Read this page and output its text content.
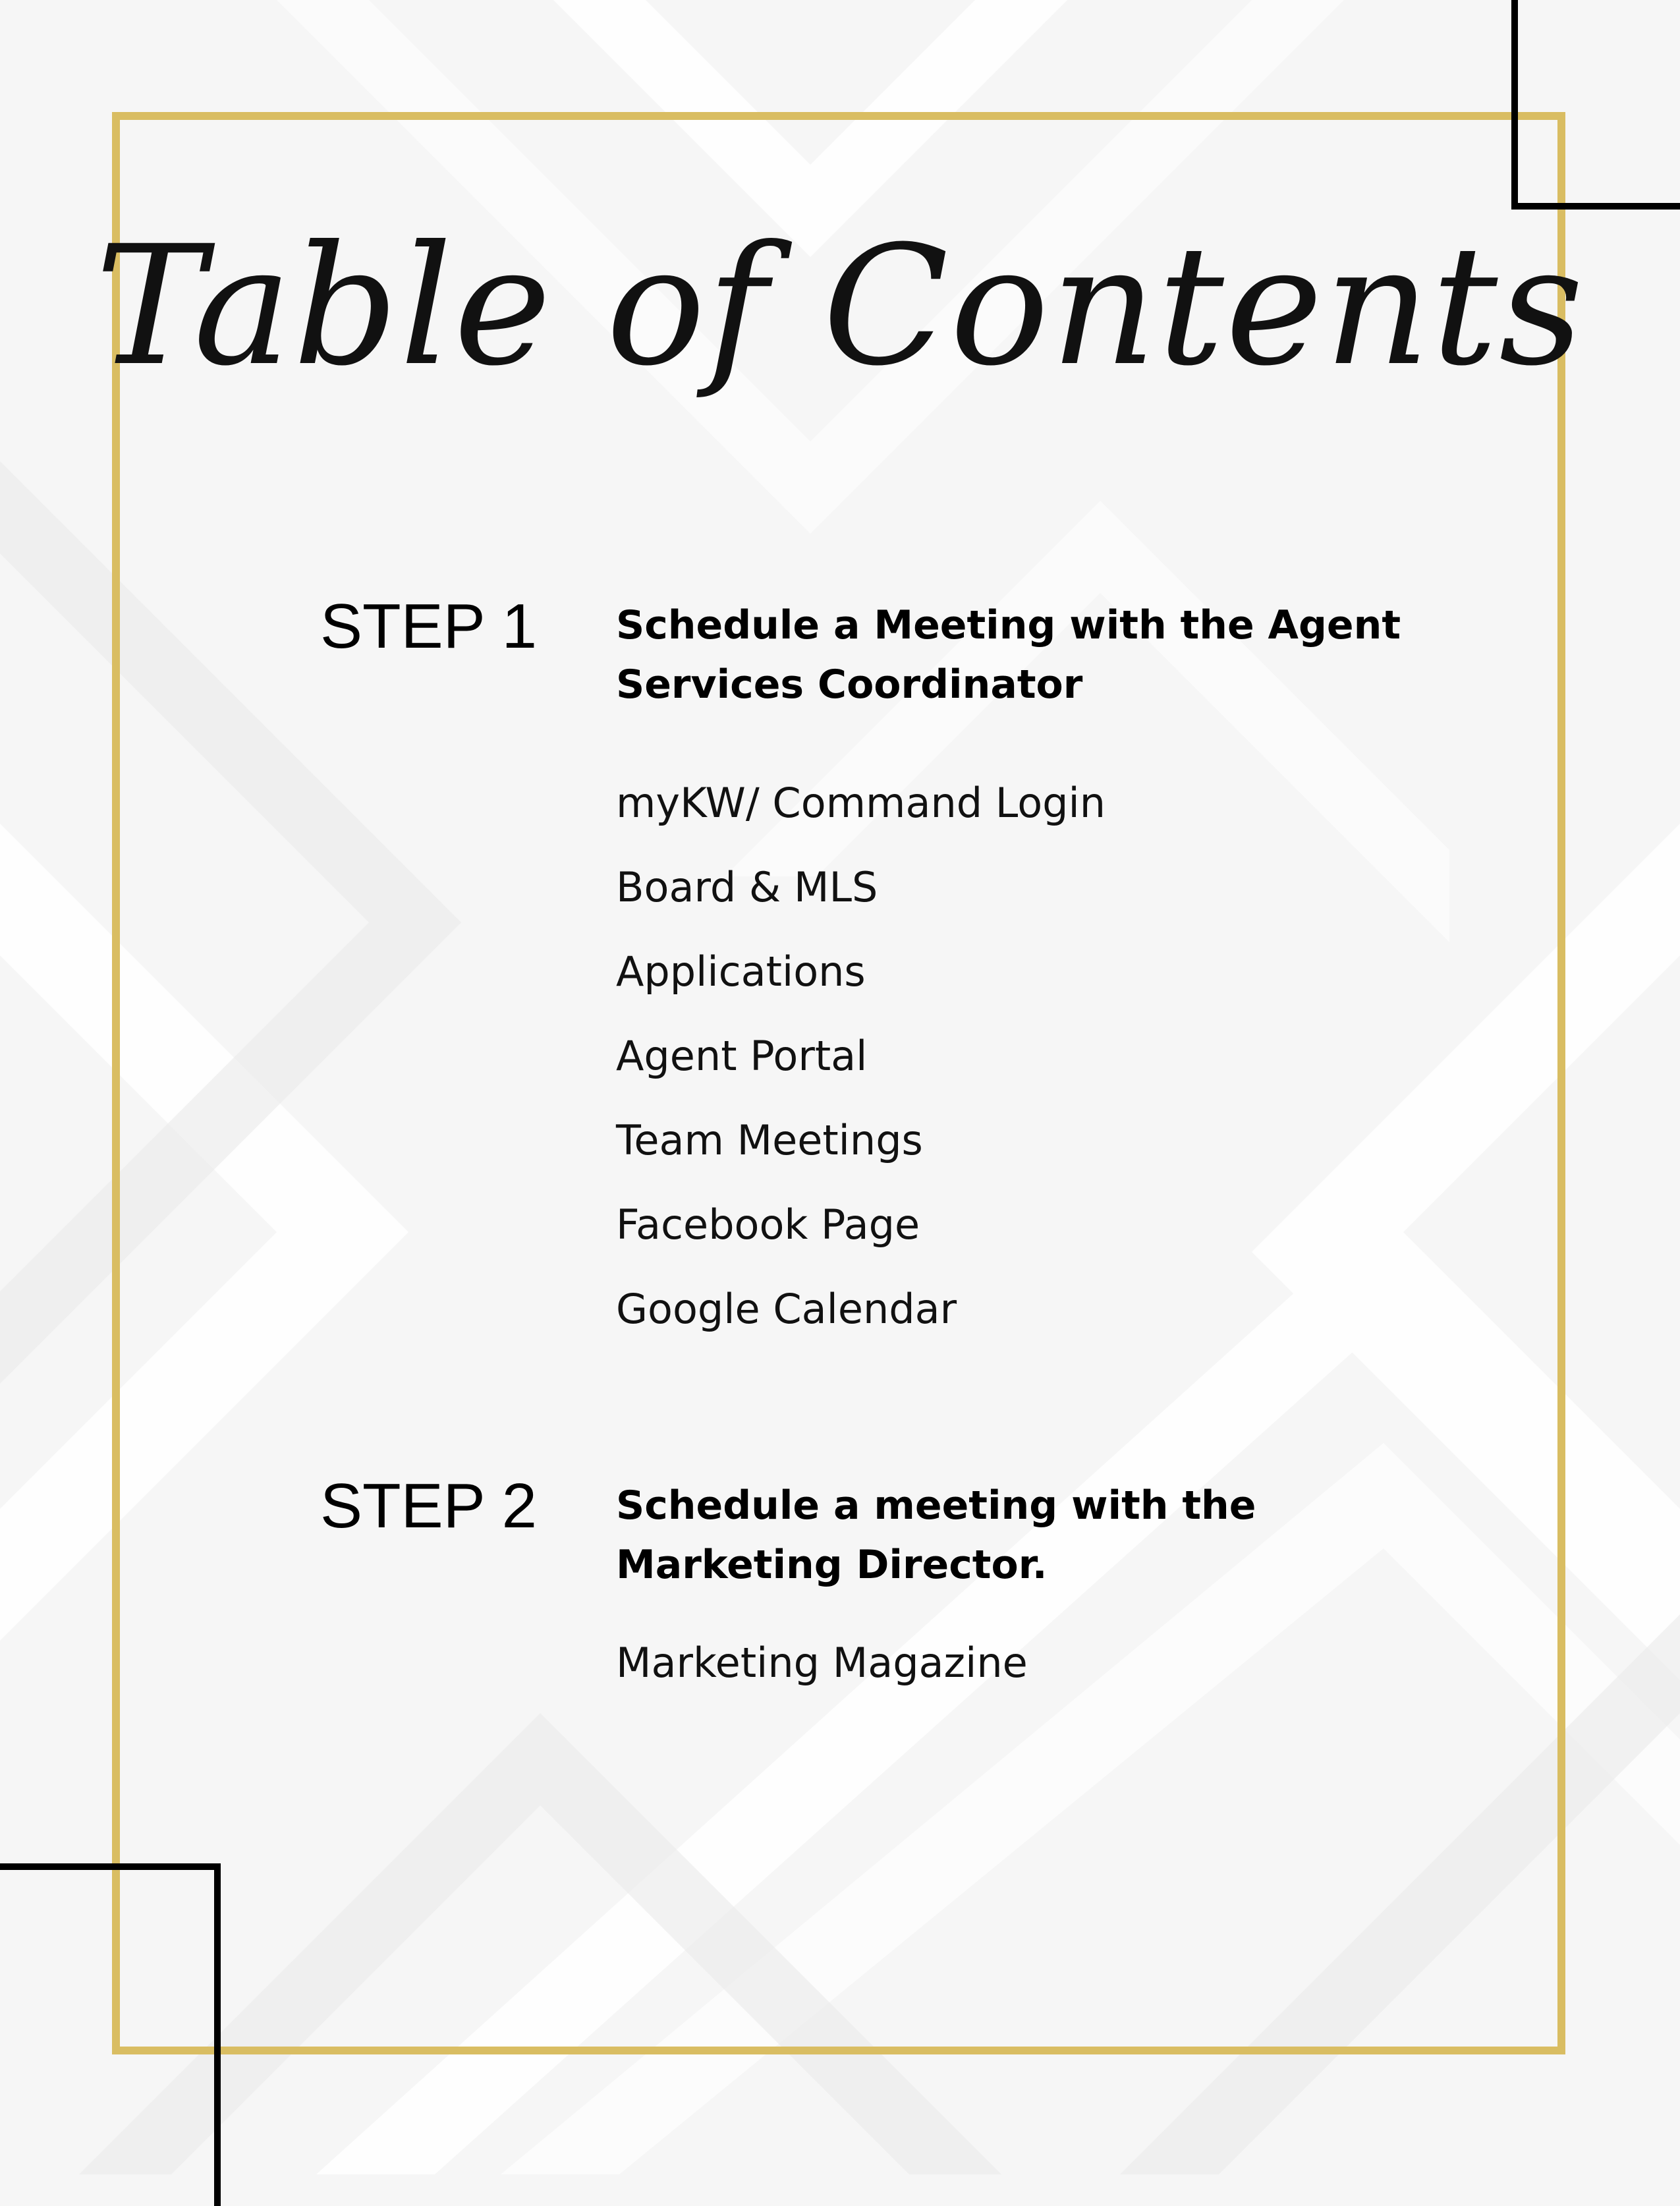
Table of Contents
STEP 1 Schedule a Meeting with the Agent Services Coordinator
myKW/ Command Login
Board & MLS
Applications
Agent Portal
Team Meetings
Facebook Page
Google Calendar
STEP 2 Schedule a meeting with the Marketing Director.
Marketing Magazine
